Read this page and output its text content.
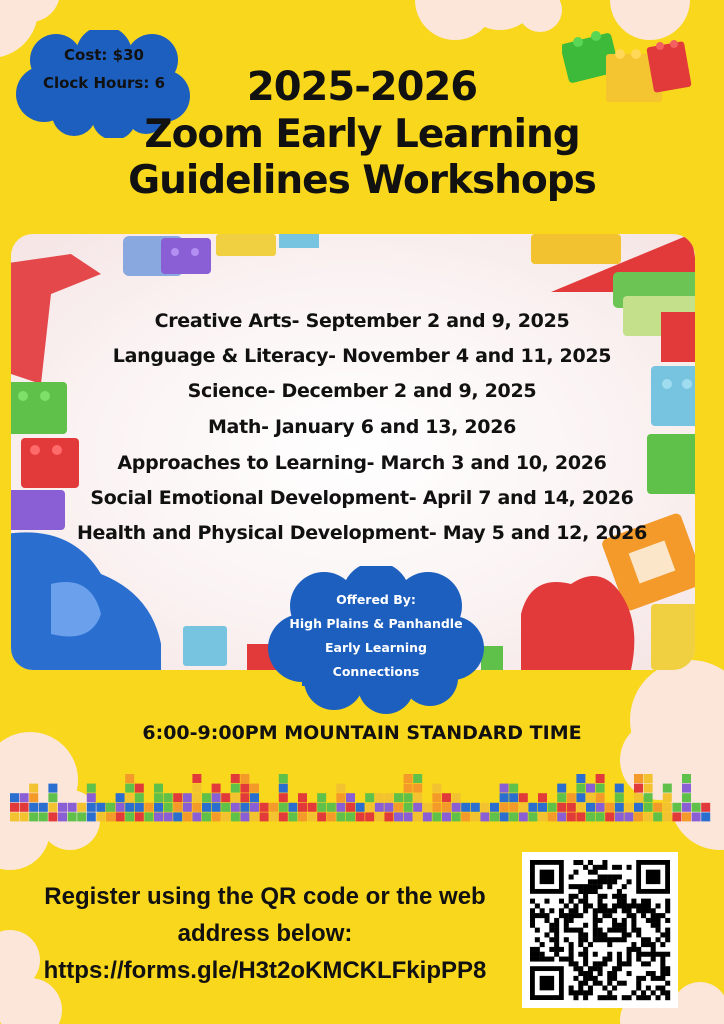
Cost: $30
Clock Hours: 6	2025-2026
Zoom Early Learning
Guidelines Workshops
Creative Arts- September 2 and 9, 2025
Language & Literacy- November 4 and 11, 2025
Science- December 2 and 9, 2025
Math- January 6 and 13, 2026
Approaches to Learning- March 3 and 10, 2026
Social Emotional Development- April 7 and 14, 2026
Health and Physical Development- May 5 and 12, 2026
Offered By:
High Plains & Panhandle
Early Learning
Connections
6:00-9:00PM MOUNTAIN STANDARD TIME
Register using the QR code or the web
address below:
https://forms.gle/H3t2oKMCKLFkipPP8
